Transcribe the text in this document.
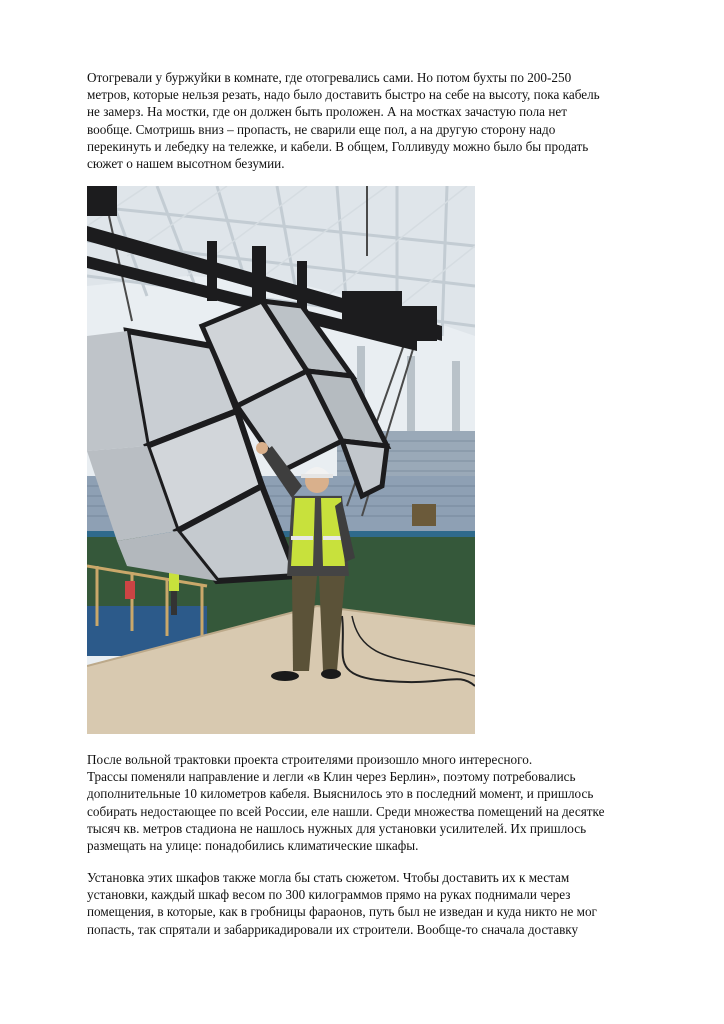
Отогревали у буржуйки в комнате, где отогревались сами. Но потом бухты по 200-250
метров, которые нельзя резать, надо было доставить быстро на себе на высоту, пока кабель
не замерз. На мостки, где он должен быть проложен. А на мостках зачастую пола нет
вообще. Смотришь вниз – пропасть, не сварили еще пол, а на другую сторону надо
перекинуть и лебедку на тележке, и кабели. В общем, Голливуду можно было бы продать
сюжет о нашем высотном безумии.
После вольной трактовки проекта строителями произошло много интересного.
Трассы поменяли направление и легли «в Клин через Берлин», поэтому потребовались
дополнительные 10 километров кабеля. Выяснилось это в последний момент, и пришлось
собирать недостающее по всей России, еле нашли. Среди множества помещений на десятке
тысяч кв. метров стадиона не нашлось нужных для установки усилителей. Их пришлось
размещать на улице: понадобились климатические шкафы.
Установка этих шкафов также могла бы стать сюжетом. Чтобы доставить их к местам
установки, каждый шкаф весом по 300 килограммов прямо на руках поднимали через
помещения, в которые, как в гробницы фараонов, путь был не изведан и куда никто не мог
попасть, так спрятали и забаррикадировали их строители. Вообще-то сначала доставку
